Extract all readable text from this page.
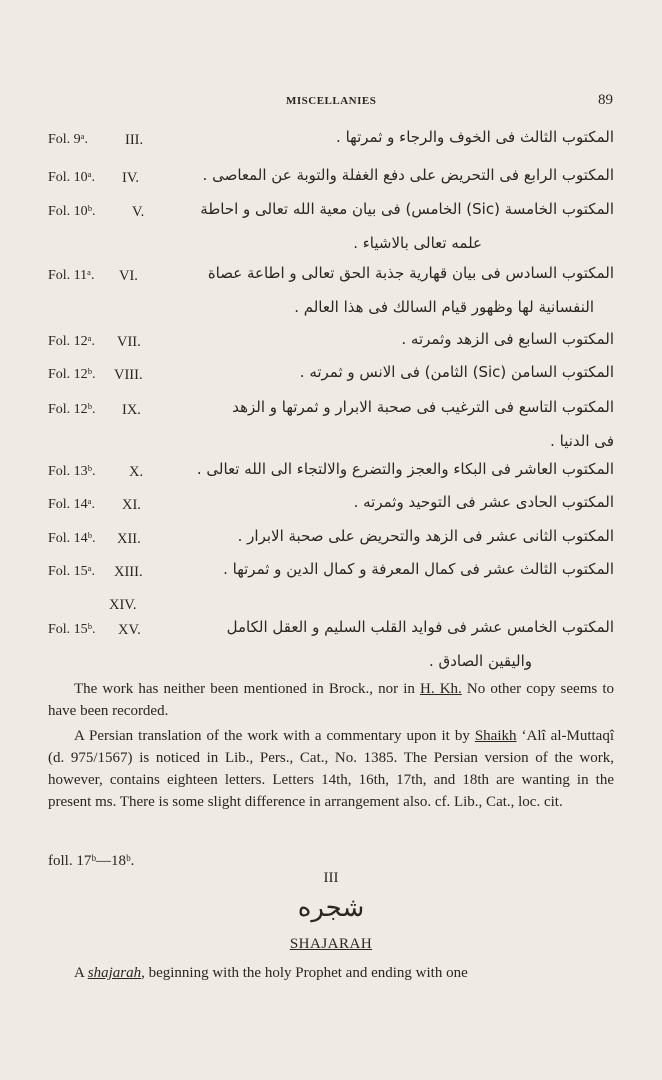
MISCELLANIES	89
Fol. 9ᵃ.	III.	المكتوب الثالث فى الخوف والرجاء و ثمرتها .
Fol. 10ᵃ. IV.	المكتوب الرابع فى التحريض على دفع الغفلة والتوبة عن المعاصى .
Fol. 10ᵇ.	V.	المكتوب الخامسة (Sic) الخامس) فى بيان معية الله تعالى و احاطة
علمه تعالى بالاشياء .
Fol. 11ᵃ. VI.	المكتوب السادس فى بيان قهارية جذبة الحق تعالى و اطاعة عصاة
النفسانية لها وظهور قيام السالك فى هذا العالم .
Fol. 12ᵃ. VII.	المكتوب السابع فى الزهد وثمرته .
Fol. 12ᵇ. VIII.	المكتوب السامن (Sic) الثامن) فى الانس و ثمرته .
Fol. 12ᵇ. IX.	المكتوب التاسع فى الترغيب فى صحبة الابرار و ثمرتها و الزهد
فى الدنيا .
Fol. 13ᵇ. X.	المكتوب العاشر فى البكاء والعجز والتضرع والالتجاء الى الله تعالى .
Fol. 14ᵃ. XI.	المكتوب الحادى عشر فى التوحيد وثمرته .
Fol. 14ᵇ. XII.	المكتوب الثانى عشر فى الزهد والتحريض على صحبة الابرار .
Fol. 15ᵃ. XIII.	المكتوب الثالث عشر فى كمال المعرفة و كمال الدين و ثمرتها .
XIV.
Fol. 15ᵇ. XV.	المكتوب الخامس عشر فى فوايد القلب السليم و العقل الكامل
واليقين الصادق .
The work has neither been mentioned in Brock., nor in H. Kh. No other copy seems to have been recorded.
A Persian translation of the work with a commentary upon it by Shaikh ‘Alî al-Muttaqî (d. 975/1567) is noticed in Lib., Pers., Cat., No. 1385. The Persian version of the work, however, contains eighteen letters. Letters 14th, 16th, 17th, and 18th are wanting in the present ms. There is some slight difference in arrangement also. cf. Lib., Cat., loc. cit.
foll. 17ᵇ—18ᵇ.
III
شجره
SHAJARAH
A shajarah, beginning with the holy Prophet and ending with one
